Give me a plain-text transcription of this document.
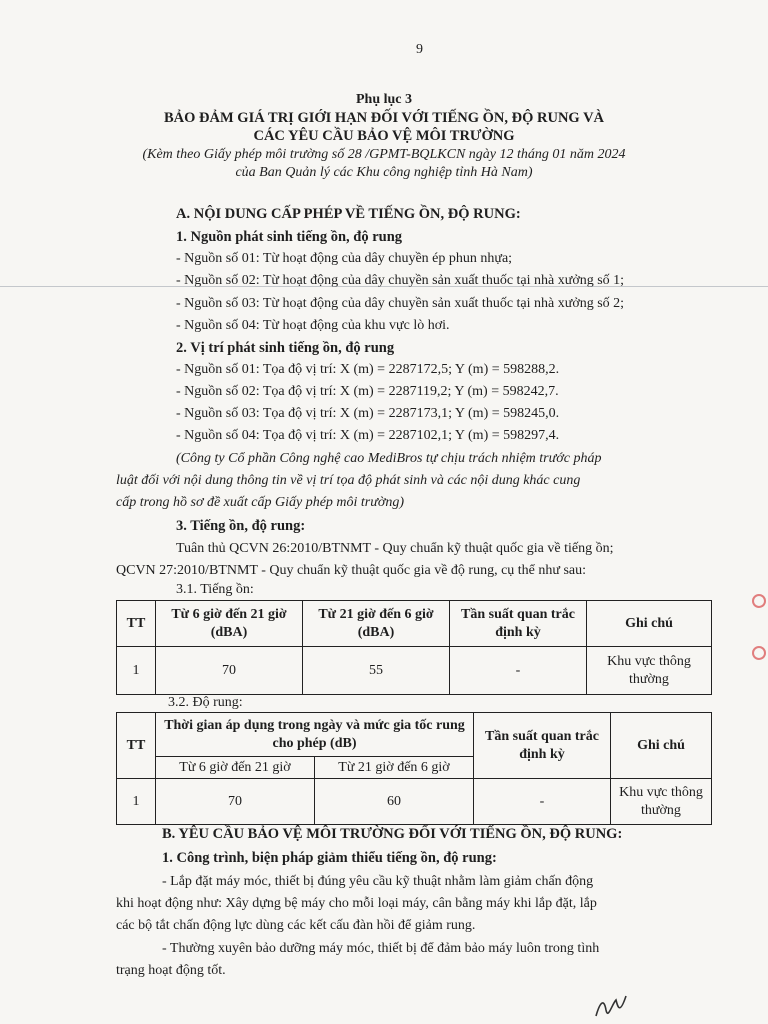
9
Phụ lục 3
BẢO ĐẢM GIÁ TRỊ GIỚI HẠN ĐỐI VỚI TIẾNG ỒN, ĐỘ RUNG VÀ
CÁC YÊU CẦU BẢO VỆ MÔI TRƯỜNG
(Kèm theo Giấy phép môi trường số 28 /GPMT-BQLKCN ngày 12 tháng 01 năm 2024
của Ban Quản lý các Khu công nghiệp tỉnh Hà Nam)
A. NỘI DUNG CẤP PHÉP VỀ TIẾNG ỒN, ĐỘ RUNG:
1. Nguồn phát sinh tiếng ồn, độ rung
- Nguồn số 01: Từ hoạt động của dây chuyền ép phun nhựa;
- Nguồn số 02: Từ hoạt động của dây chuyền sản xuất thuốc tại nhà xưởng số 1;
- Nguồn số 03: Từ hoạt động của dây chuyền sản xuất thuốc tại nhà xưởng số 2;
- Nguồn số 04: Từ hoạt động của khu vực lò hơi.
2. Vị trí phát sinh tiếng ồn, độ rung
- Nguồn số 01: Tọa độ vị trí: X (m) = 2287172,5; Y (m) = 598288,2.
- Nguồn số 02: Tọa độ vị trí: X (m) = 2287119,2; Y (m) = 598242,7.
- Nguồn số 03: Tọa độ vị trí: X (m) = 2287173,1; Y (m) = 598245,0.
- Nguồn số 04: Tọa độ vị trí: X (m) = 2287102,1; Y (m) = 598297,4.
(Công ty Cổ phần Công nghệ cao MediBros tự chịu trách nhiệm trước pháp
luật đối với nội dung thông tin về vị trí tọa độ phát sinh và các nội dung khác cung
cấp trong hồ sơ đề xuất cấp Giấy phép môi trường)
3. Tiếng ồn, độ rung:
Tuân thủ QCVN 26:2010/BTNMT - Quy chuẩn kỹ thuật quốc gia về tiếng ồn;
QCVN 27:2010/BTNMT - Quy chuẩn kỹ thuật quốc gia về độ rung, cụ thể như sau:
3.1. Tiếng ồn:
TT	Từ 6 giờ đến 21 giờ (dBA)	Từ 21 giờ đến 6 giờ (dBA)	Tần suất quan trắc định kỳ	Ghi chú
1	70	55	-	Khu vực thông thường
3.2. Độ rung:
TT	Thời gian áp dụng trong ngày và mức gia tốc rung cho phép (dB)		Tần suất quan trắc định kỳ	Ghi chú
	Từ 6 giờ đến 21 giờ	Từ 21 giờ đến 6 giờ		
1	70	60	-	Khu vực thông thường
B. YÊU CẦU BẢO VỆ MÔI TRƯỜNG ĐỐI VỚI TIẾNG ỒN, ĐỘ RUNG:
1. Công trình, biện pháp giảm thiểu tiếng ồn, độ rung:
- Lắp đặt máy móc, thiết bị đúng yêu cầu kỹ thuật nhằm làm giảm chấn động
khi hoạt động như: Xây dựng bệ máy cho mỗi loại máy, cân bằng máy khi lắp đặt, lắp
các bộ tắt chấn động lực dùng các kết cấu đàn hồi để giảm rung.
- Thường xuyên bảo dưỡng máy móc, thiết bị để đảm bảo máy luôn trong tình
trạng hoạt động tốt.
